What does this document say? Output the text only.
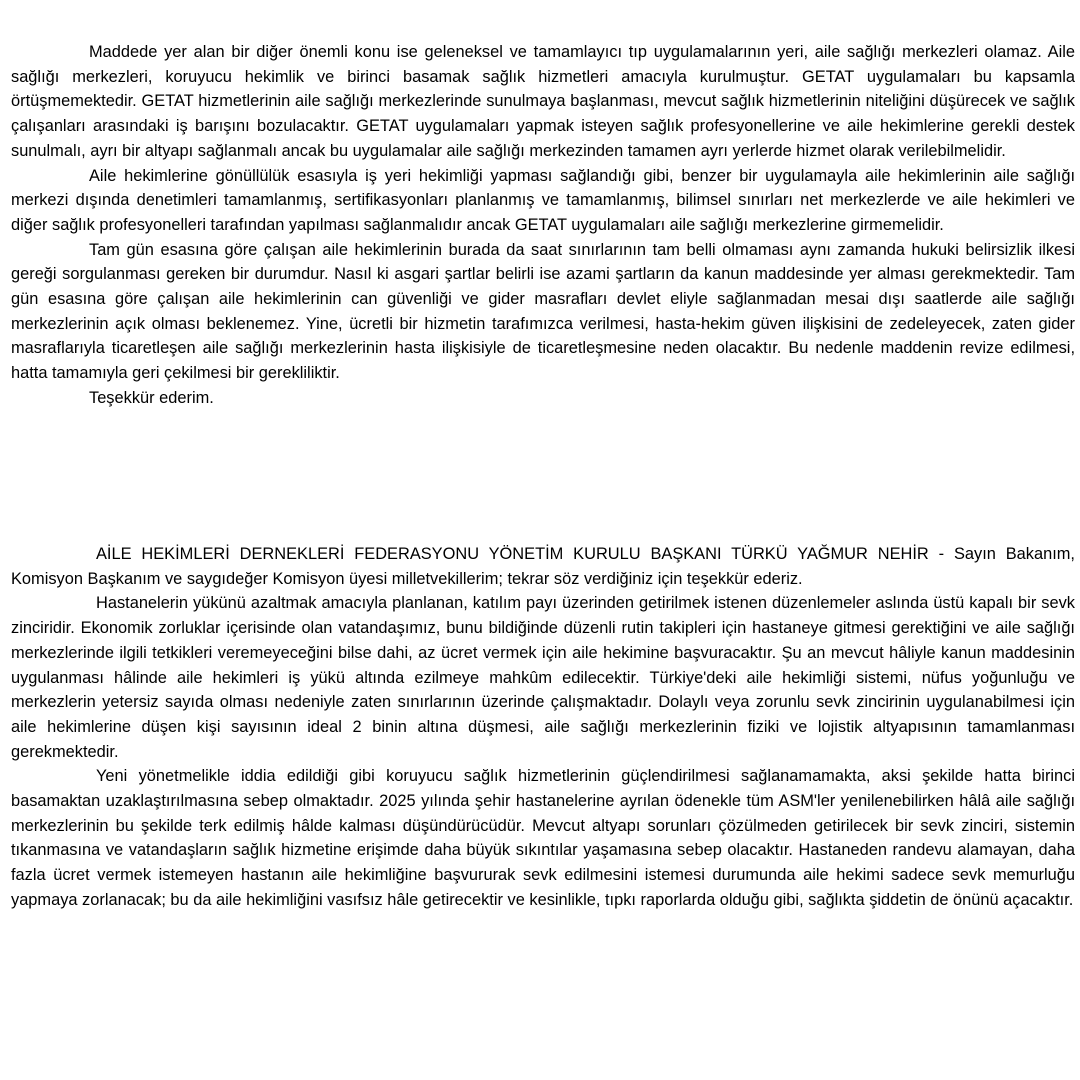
Maddede yer alan bir diğer önemli konu ise geleneksel ve tamamlayıcı tıp uygulamalarının yeri, aile sağlığı merkezleri olamaz. Aile sağlığı merkezleri, koruyucu hekimlik ve birinci basamak sağlık hizmetleri amacıyla kurulmuştur. GETAT uygulamaları bu kapsamla örtüşmemektedir. GETAT hizmetlerinin aile sağlığı merkezlerinde sunulmaya başlanması, mevcut sağlık hizmetlerinin niteliğini düşürecek ve sağlık çalışanları arasındaki iş barışını bozulacaktır. GETAT uygulamaları yapmak isteyen sağlık profesyonellerine ve aile hekimlerine gerekli destek sunulmalı, ayrı bir altyapı sağlanmalı ancak bu uygulamalar aile sağlığı merkezinden tamamen ayrı yerlerde hizmet olarak verilebilmelidir.

Aile hekimlerine gönüllülük esasıyla iş yeri hekimliği yapması sağlandığı gibi, benzer bir uygulamayla aile hekimlerinin aile sağlığı merkezi dışında denetimleri tamamlanmış, sertifikasyonları planlanmış ve tamamlanmış, bilimsel sınırları net merkezlerde ve aile hekimleri ve diğer sağlık profesyonelleri tarafından yapılması sağlanmalıdır ancak GETAT uygulamaları aile sağlığı merkezlerine girmemelidir.

Tam gün esasına göre çalışan aile hekimlerinin burada da saat sınırlarının tam belli olmaması aynı zamanda hukuki belirsizlik ilkesi gereği sorgulanması gereken bir durumdur. Nasıl ki asgari şartlar belirli ise azami şartların da kanun maddesinde yer alması gerekmektedir. Tam gün esasına göre çalışan aile hekimlerinin can güvenliği ve gider masrafları devlet eliyle sağlanmadan mesai dışı saatlerde aile sağlığı merkezlerinin açık olması beklenemez. Yine, ücretli bir hizmetin tarafımızca verilmesi, hasta-hekim güven ilişkisini de zedeleyecek, zaten gider masraflarıyla ticaretleşen aile sağlığı merkezlerinin hasta ilişkisiyle de ticaretleşmesine neden olacaktır. Bu nedenle maddenin revize edilmesi, hatta tamamıyla geri çekilmesi bir gerekliliktir.

Teşekkür ederim.

AİLE HEKİMLERİ DERNEKLERİ FEDERASYONU YÖNETİM KURULU BAŞKANI TÜRKÜ YAĞMUR NEHİR - Sayın Bakanım, Komisyon Başkanım ve saygıdeğer Komisyon üyesi milletvekillerim; tekrar söz verdiğiniz için teşekkür ederiz.

Hastanelerin yükünü azaltmak amacıyla planlanan, katılım payı üzerinden getirilmek istenen düzenlemeler aslında üstü kapalı bir sevk zinciridir. Ekonomik zorluklar içerisinde olan vatandaşımız, bunu bildiğinde düzenli rutin takipleri için hastaneye gitmesi gerektiğini ve aile sağlığı merkezlerinde ilgili tetkikleri veremeyeceğini bilse dahi, az ücret vermek için aile hekimine başvuracaktır. Şu an mevcut hâliyle kanun maddesinin uygulanması hâlinde aile hekimleri iş yükü altında ezilmeye mahkûm edilecektir. Türkiye'deki aile hekimliği sistemi, nüfus yoğunluğu ve merkezlerin yetersiz sayıda olması nedeniyle zaten sınırlarının üzerinde çalışmaktadır. Dolaylı veya zorunlu sevk zincirinin uygulanabilmesi için aile hekimlerine düşen kişi sayısının ideal 2 binin altına düşmesi, aile sağlığı merkezlerinin fiziki ve lojistik altyapısının tamamlanması gerekmektedir.

Yeni yönetmelikle iddia edildiği gibi koruyucu sağlık hizmetlerinin güçlendirilmesi sağlanamamakta, aksi şekilde hatta birinci basamaktan uzaklaştırılmasına sebep olmaktadır. 2025 yılında şehir hastanelerine ayrılan ödenekle tüm ASM'ler yenilenebilirken hâlâ aile sağlığı merkezlerinin bu şekilde terk edilmiş hâlde kalması düşündürücüdür. Mevcut altyapı sorunları çözülmeden getirilecek bir sevk zinciri, sistemin tıkanmasına ve vatandaşların sağlık hizmetine erişimde daha büyük sıkıntılar yaşamasına sebep olacaktır. Hastaneden randevu alamayan, daha fazla ücret vermek istemeyen hastanın aile hekimliğine başvururak sevk edilmesini istemesi durumunda aile hekimi sadece sevk memurluğu yapmaya zorlanacak; bu da aile hekimliğini vasıfsız hâle getirecektir ve kesinlikle, tıpkı raporlarda olduğu gibi, sağlıkta şiddetin de önünü açacaktır.
